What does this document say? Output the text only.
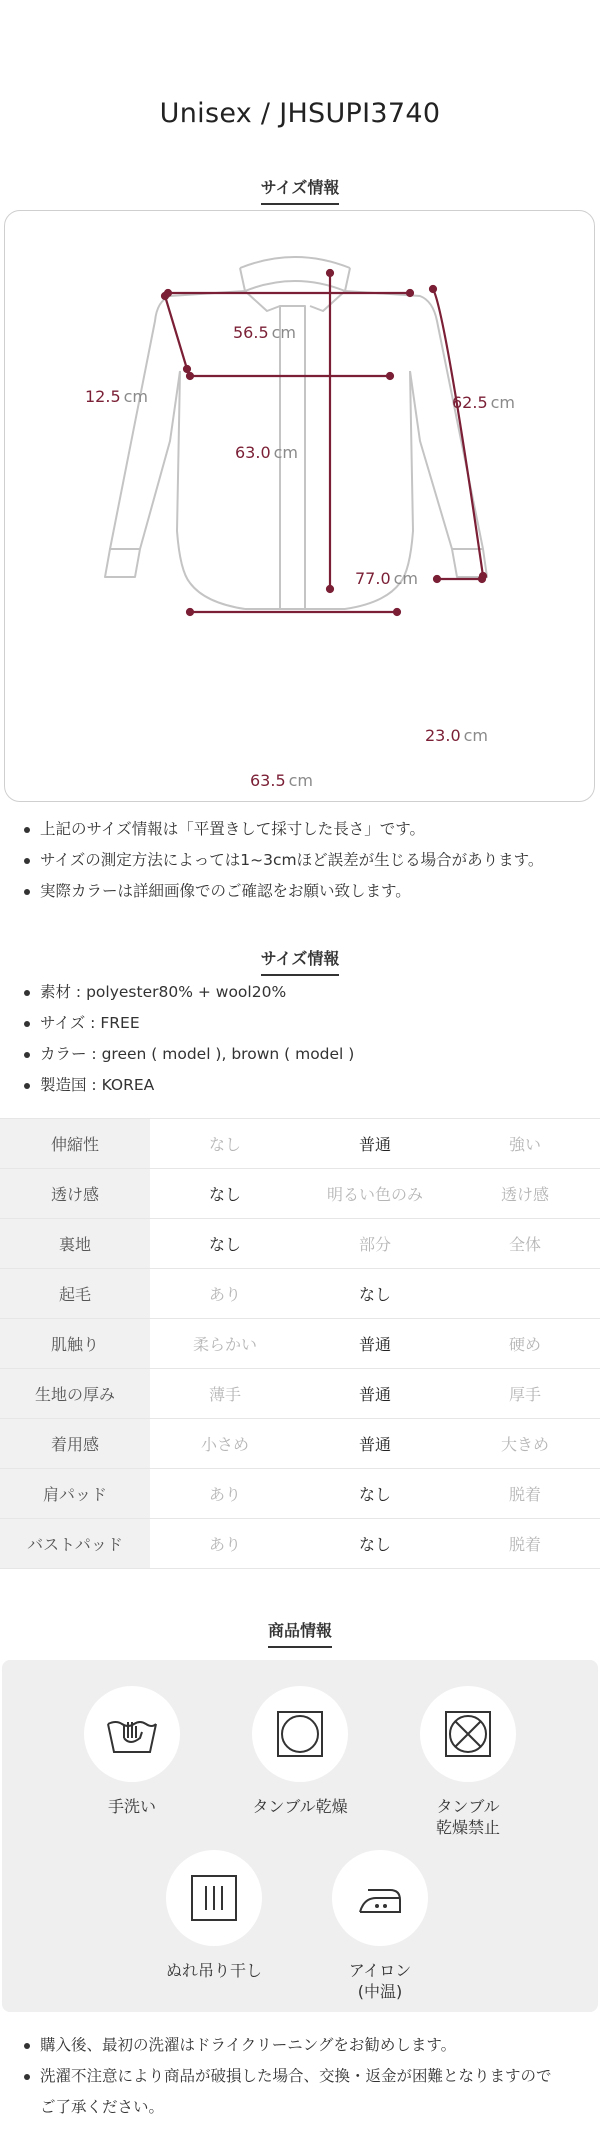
Unisex / JHSUPI3740
サイズ情報
56.5 cm
12.5 cm
63.0 cm
62.5 cm
77.0 cm
23.0 cm
63.5 cm
上記のサイズ情報は「平置きして採寸した長さ」です。
サイズの測定方法によっては1~3cmほど誤差が生じる場合があります。
実際カラーは詳細画像でのご確認をお願い致します。
サイズ情報
素材 : polyester80% + wool20%
サイズ : FREE
カラー : green ( model ), brown ( model )
製造国 : KOREA
伸縮性	なし	普通	強い
透け感	なし	明るい色のみ	透け感
裏地	なし	部分	全体
起毛	あり	なし	
肌触り	柔らかい	普通	硬め
生地の厚み	薄手	普通	厚手
着用感	小さめ	普通	大きめ
肩パッド	あり	なし	脱着
バストパッド	あり	なし	脱着
商品情報
手洗い	タンブル乾燥	タンブル
乾燥禁止
ぬれ吊り干し	アイロン
(中温)
購入後、最初の洗濯はドライクリーニングをお勧めします。
洗濯不注意により商品が破損した場合、交換・返金が困難となりますので
ご了承ください。
